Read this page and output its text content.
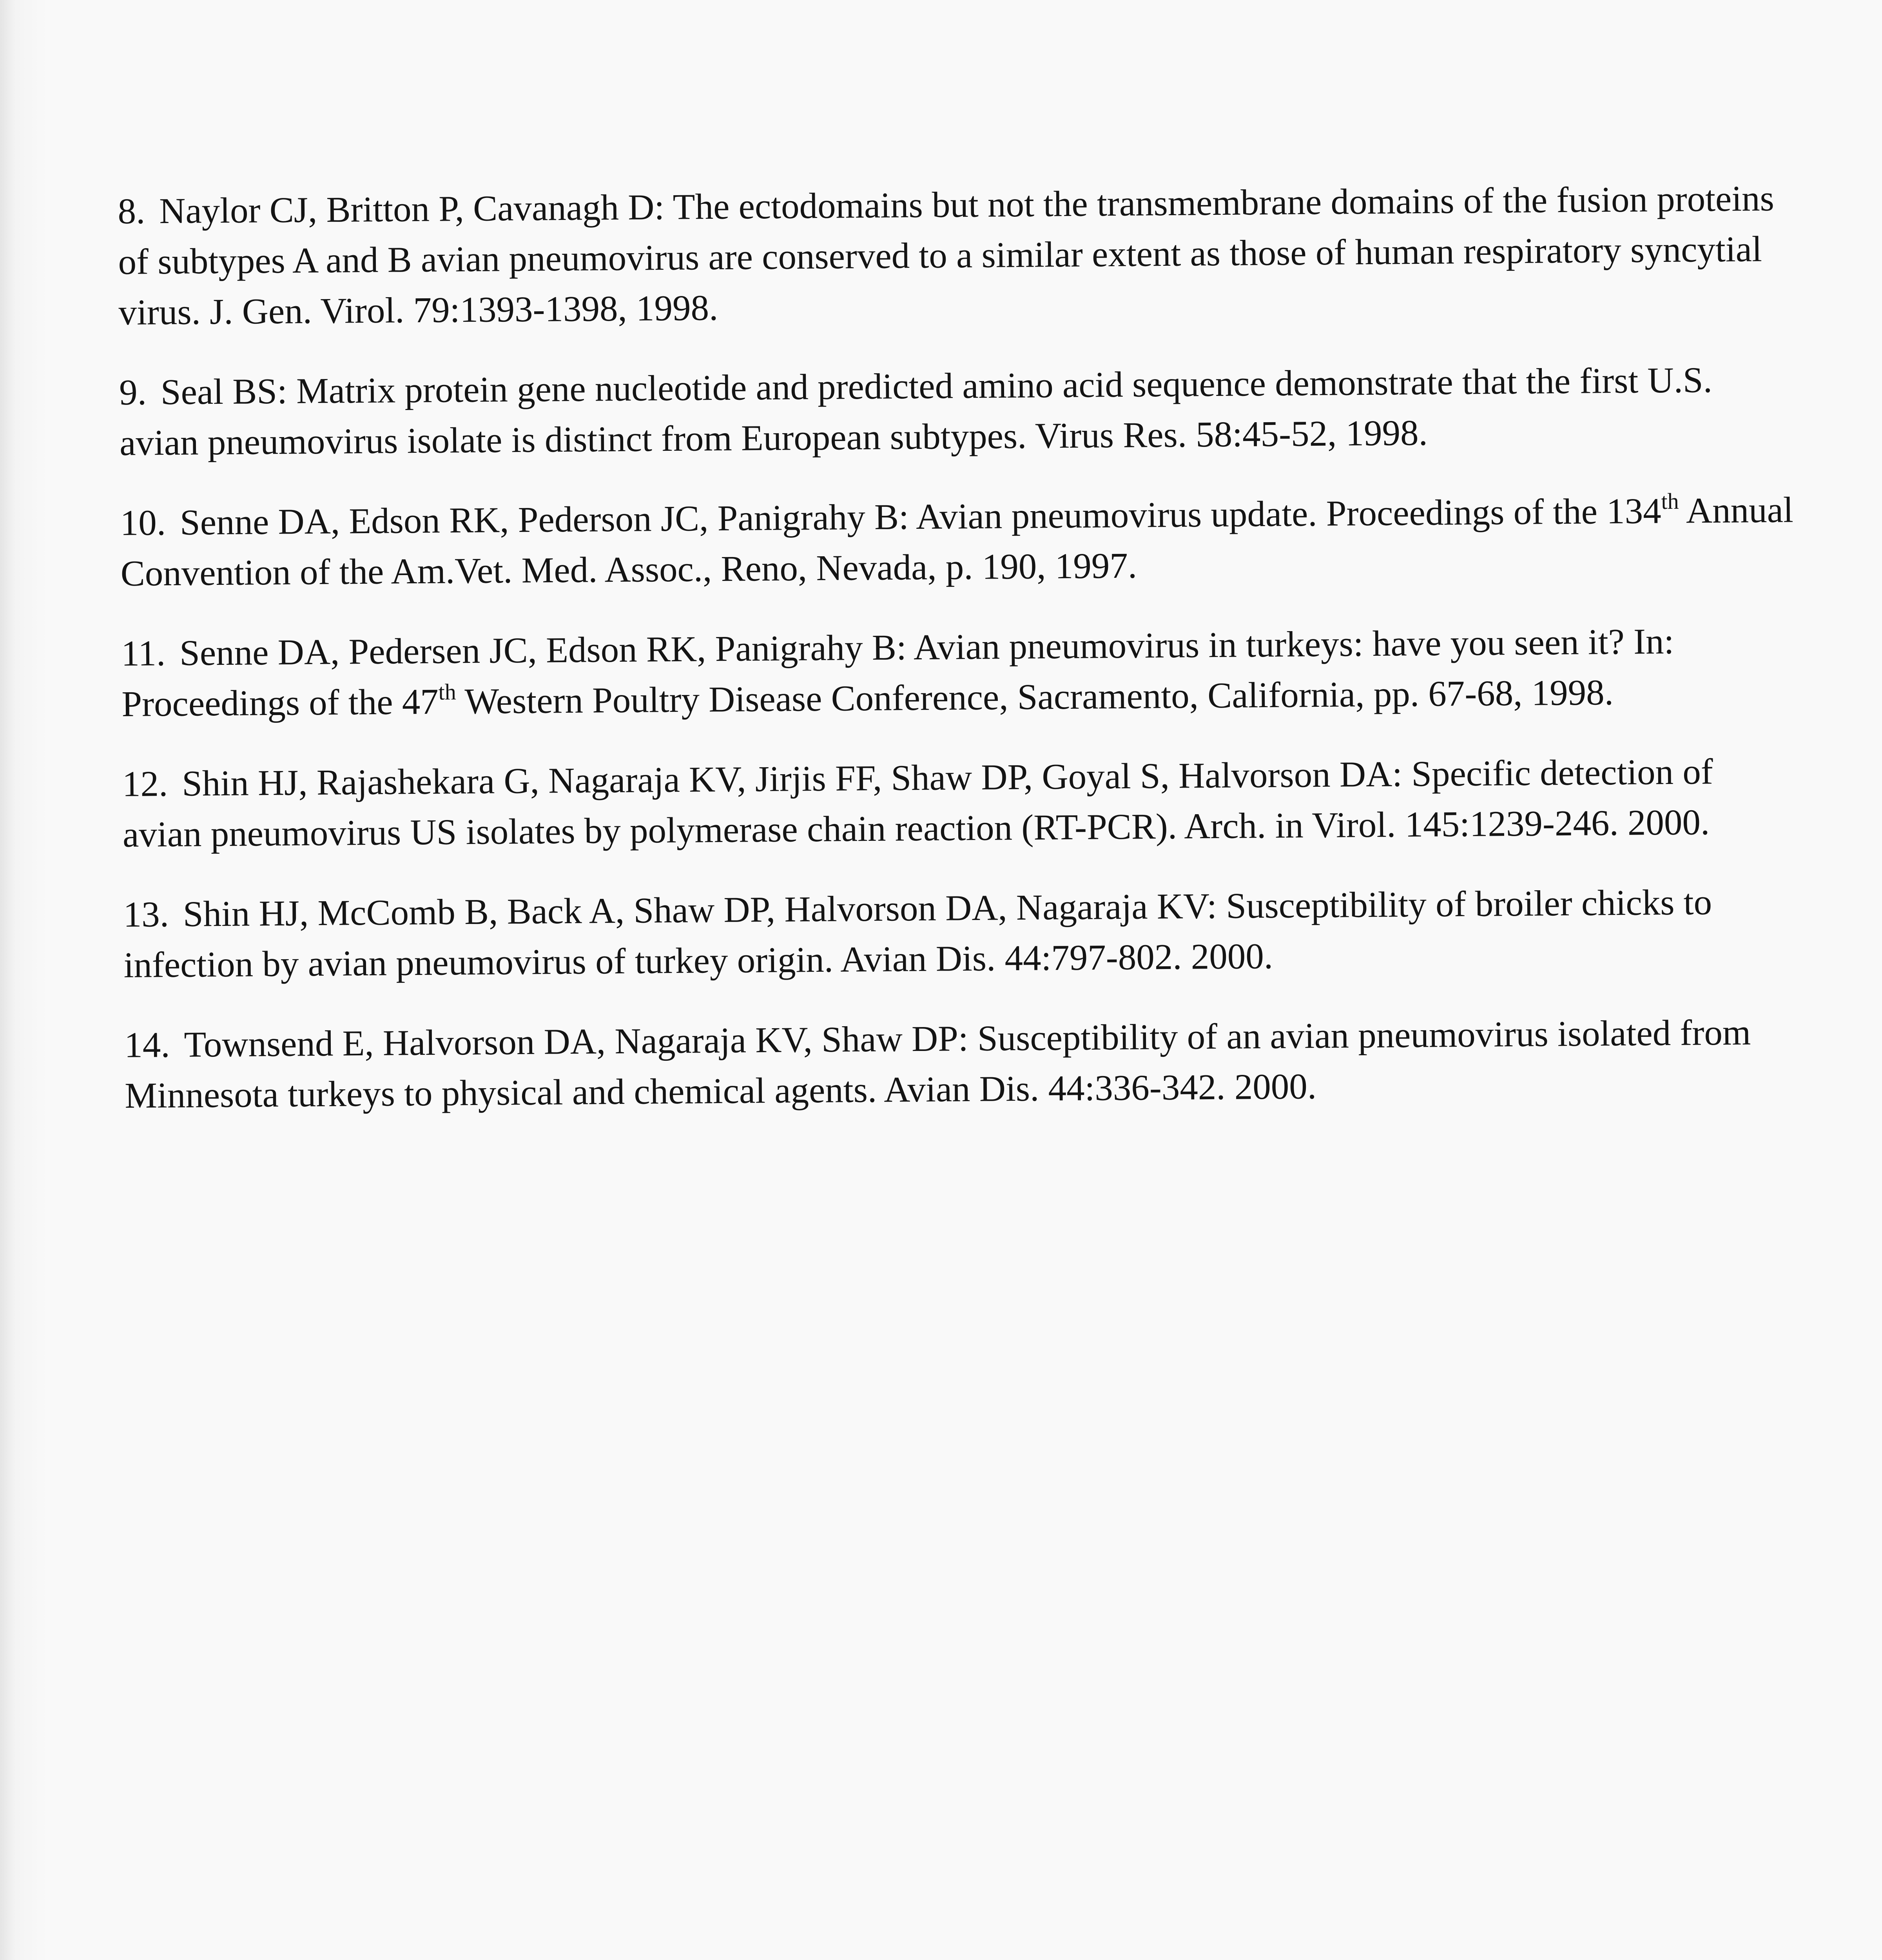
8. Naylor CJ, Britton P, Cavanagh D: The ectodomains but not the transmembrane domains of the fusion proteins of subtypes A and B avian pneumovirus are conserved to a similar extent as those of human respiratory syncytial virus. J. Gen. Virol. 79:1393-1398, 1998.
9. Seal BS: Matrix protein gene nucleotide and predicted amino acid sequence demonstrate that the first U.S. avian pneumovirus isolate is distinct from European subtypes. Virus Res. 58:45-52, 1998.
10. Senne DA, Edson RK, Pederson JC, Panigrahy B: Avian pneumovirus update. Proceedings of the 134th Annual Convention of the Am.Vet. Med. Assoc., Reno, Nevada, p. 190, 1997.
11. Senne DA, Pedersen JC, Edson RK, Panigrahy B: Avian pneumovirus in turkeys: have you seen it? In: Proceedings of the 47th Western Poultry Disease Conference, Sacramento, California, pp. 67-68, 1998.
12. Shin HJ, Rajashekara G, Nagaraja KV, Jirjis FF, Shaw DP, Goyal S, Halvorson DA: Specific detection of avian pneumovirus US isolates by polymerase chain reaction (RT-PCR). Arch. in Virol. 145:1239-246. 2000.
13. Shin HJ, McComb B, Back A, Shaw DP, Halvorson DA, Nagaraja KV: Susceptibility of broiler chicks to infection by avian pneumovirus of turkey origin. Avian Dis. 44:797-802. 2000.
14. Townsend E, Halvorson DA, Nagaraja KV, Shaw DP: Susceptibility of an avian pneumovirus isolated from Minnesota turkeys to physical and chemical agents. Avian Dis. 44:336-342. 2000.
